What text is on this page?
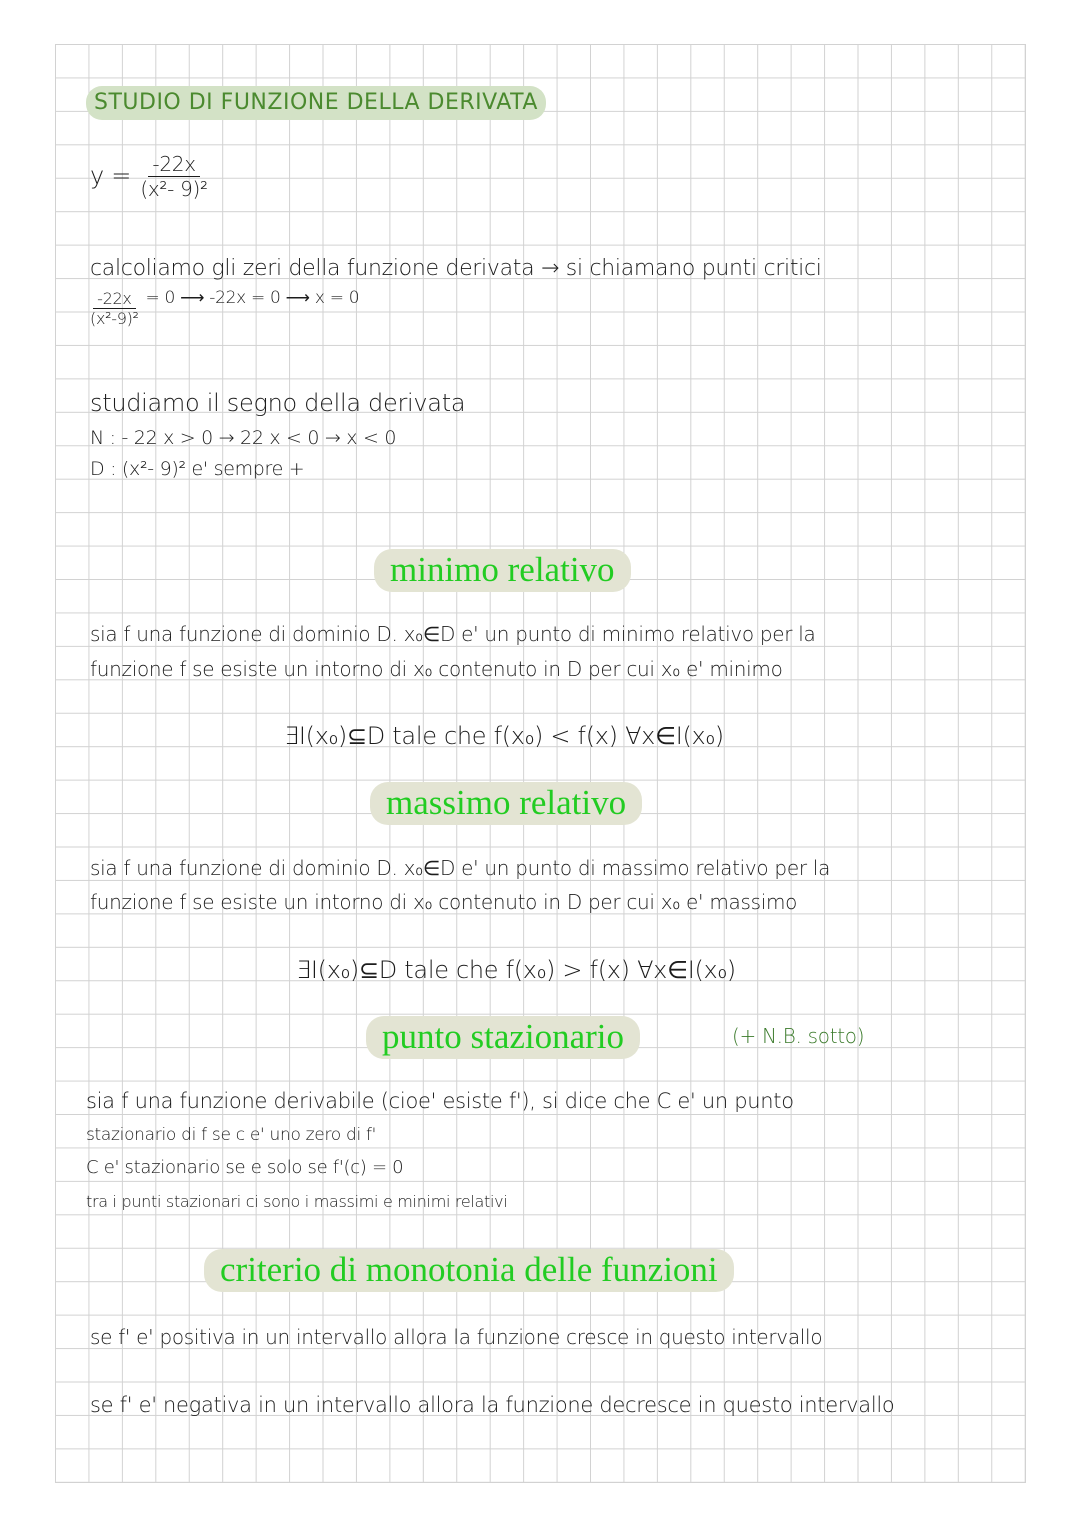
STUDIO DI FUNZIONE DELLA DERIVATA
$y = \frac{-22x}{\text{(x²- 9)²}}$
calcoliamo gli zeri della funzione derivata → si chiamano punti critici
$\frac{-22x}{\text{(x²-9)²}} = 0$ ⟶ -22x = 0 ⟶ x = 0
studiamo il segno della derivata
N : - 22 x > 0 → 22 x < 0 → x < 0
D : (x²- 9)² e' sempre +
minimo relativo
sia f una funzione di dominio D. x₀∈D e' un punto di minimo relativo per la
funzione f se esiste un intorno di x₀ contenuto in D per cui x₀ e' minimo
∃I(x₀)⊆D tale che f(x₀) < f(x) ∀x∈I(x₀)
massimo relativo
sia f una funzione di dominio D. x₀∈D e' un punto di massimo relativo per la
funzione f se esiste un intorno di x₀ contenuto in D per cui x₀ e' massimo
∃I(x₀)⊆D tale che f(x₀) > f(x) ∀x∈I(x₀)
punto stazionario	(+ N.B. sotto)
sia f una funzione derivabile (cioe' esiste f'), si dice che C e' un punto
stazionario di f se c e' uno zero di f'
C e' stazionario se e solo se f'(c) = 0
tra i punti stazionari ci sono i massimi e minimi relativi
criterio di monotonia delle funzioni
se f' e' positiva in un intervallo allora la funzione cresce in questo intervallo
se f' e' negativa in un intervallo allora la funzione decresce in questo intervallo
